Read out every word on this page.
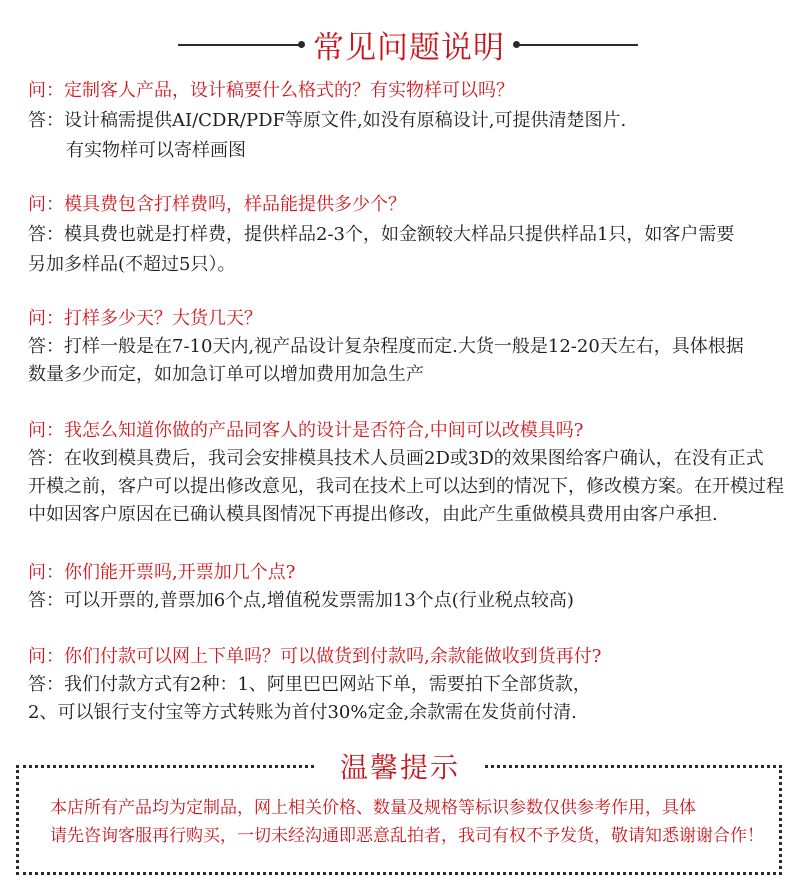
常见问题说明
问：定制客人产品，设计稿要什么格式的？有实物样可以吗？
答：设计稿需提供AI/CDR/PDF等原文件,如没有原稿设计,可提供清楚图片.
有实物样可以寄样画图
问：模具费包含打样费吗，样品能提供多少个？
答：模具费也就是打样费，提供样品2-3个，如金额较大样品只提供样品1只，如客户需要
另加多样品(不超过5只）。
问：打样多少天？大货几天？
答：打样一般是在7-10天内,视产品设计复杂程度而定.大货一般是12-20天左右，具体根据
数量多少而定，如加急订单可以增加费用加急生产
问：我怎么知道你做的产品同客人的设计是否符合,中间可以改模具吗?
答：在收到模具费后，我司会安排模具技术人员画2D或3D的效果图给客户确认，在没有正式
开模之前，客户可以提出修改意见，我司在技术上可以达到的情况下，修改模方案。在开模过程
中如因客户原因在已确认模具图情况下再提出修改，由此产生重做模具费用由客户承担.
问：你们能开票吗,开票加几个点?
答：可以开票的,普票加6个点,增值税发票需加13个点(行业税点较高)
问：你们付款可以网上下单吗？可以做货到付款吗,余款能做收到货再付?
答：我们付款方式有2种：1、阿里巴巴网站下单，需要拍下全部货款，
2、可以银行支付宝等方式转账为首付30%定金,余款需在发货前付清.
温馨提示
本店所有产品均为定制品，网上相关价格、数量及规格等标识参数仅供参考作用，具体
请先咨询客服再行购买，一切未经沟通即恶意乱拍者，我司有权不予发货，敬请知悉谢谢合作！
